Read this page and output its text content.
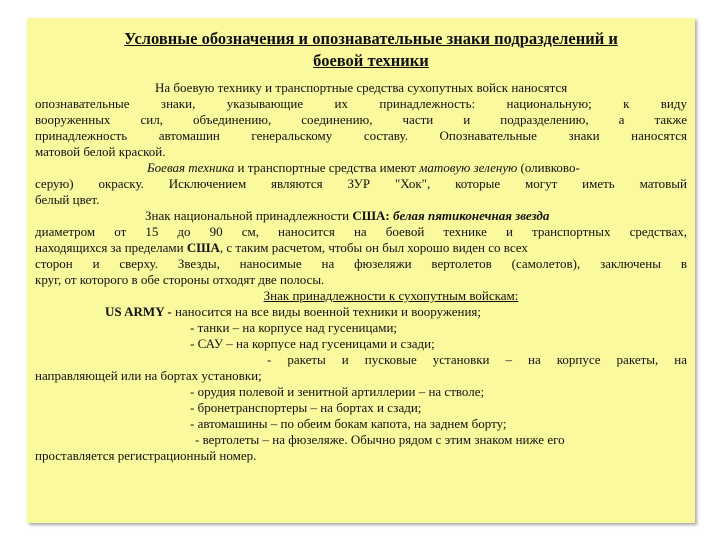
Условные обозначения и опознавательные знаки подразделений и
боевой техники
На боевую технику и транспортные средства сухопутных войск наносятся
опознавательные знаки, указывающие их принадлежность: национальную; к виду
вооруженных сил, объединению, соединению, части и подразделению, а также
принадлежность автомашин генеральскому составу. Опознавательные знаки наносятся
матовой белой краской.
Боевая техника и транспортные средства имеют матовую зеленую (оливково-
серую) окраску. Исключением являются ЗУР "Хок", которые могут иметь матовый
белый цвет.
Знак национальной принадлежности США: белая пятиконечная звезда
диаметром от 15 до 90 см, наносится на боевой технике и транспортных средствах,
находящихся за пределами США, с таким расчетом, чтобы он был хорошо виден со всех
сторон и сверху. Звезды, наносимые на фюзеляжи вертолетов (самолетов), заключены в
круг, от которого в обе стороны отходят две полосы.
Знак принадлежности к сухопутным войскам:
US ARMY - наносится на все виды военной техники и вооружения;
- танки – на корпусе над гусеницами;
- САУ – на корпусе над гусеницами и сзади;
- ракеты и пусковые установки – на корпусе ракеты, на
направляющей или на бортах установки;
- орудия полевой и зенитной артиллерии – на стволе;
- бронетранспортеры – на бортах и сзади;
- автомашины – по обеим бокам капота, на заднем борту;
- вертолеты – на фюзеляже. Обычно рядом с этим знаком ниже его
проставляется регистрационный номер.
